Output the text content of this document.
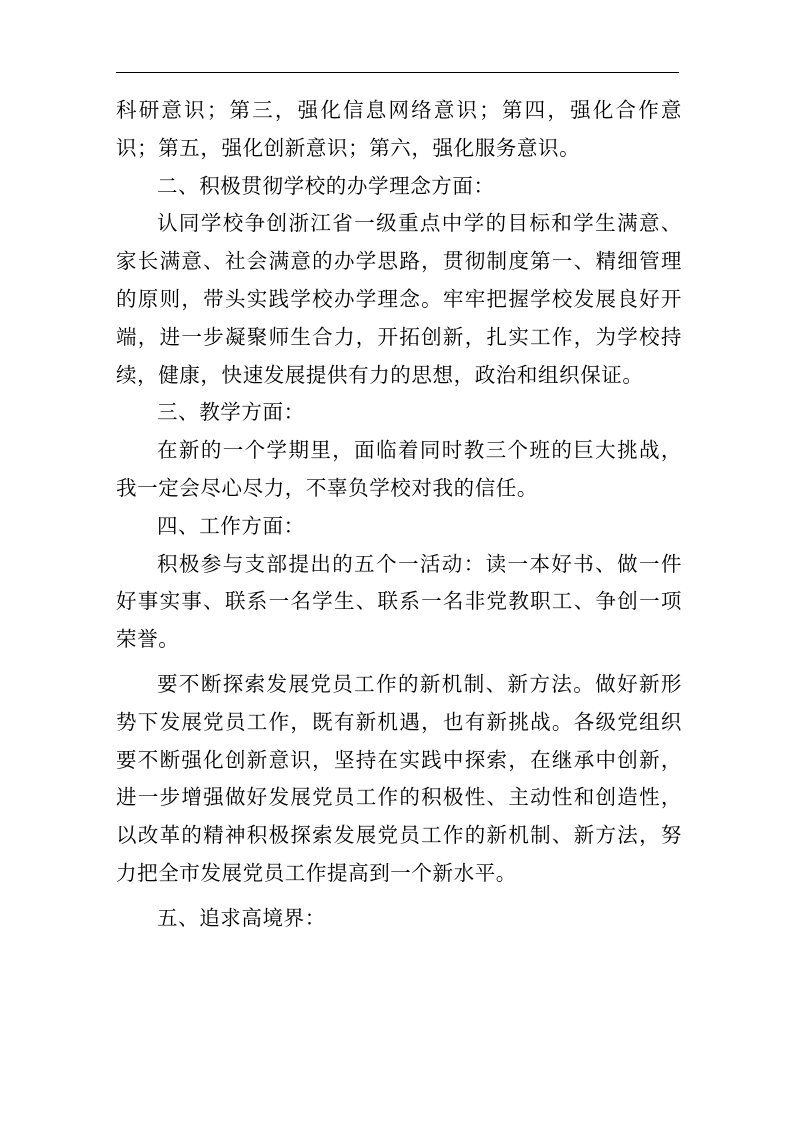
科研意识；第三，强化信息网络意识；第四，强化合作意识；第五，强化创新意识；第六，强化服务意识。

二、积极贯彻学校的办学理念方面：

认同学校争创浙江省一级重点中学的目标和学生满意、家长满意、社会满意的办学思路，贯彻制度第一、精细管理的原则，带头实践学校办学理念。牢牢把握学校发展良好开端，进一步凝聚师生合力，开拓创新，扎实工作，为学校持续，健康，快速发展提供有力的思想，政治和组织保证。

三、教学方面：

在新的一个学期里，面临着同时教三个班的巨大挑战，我一定会尽心尽力，不辜负学校对我的信任。

四、工作方面：

积极参与支部提出的五个一活动：读一本好书、做一件好事实事、联系一名学生、联系一名非党教职工、争创一项荣誉。

要不断探索发展党员工作的新机制、新方法。做好新形势下发展党员工作，既有新机遇，也有新挑战。各级党组织要不断强化创新意识，坚持在实践中探索，在继承中创新，进一步增强做好发展党员工作的积极性、主动性和创造性，以改革的精神积极探索发展党员工作的新机制、新方法，努力把全市发展党员工作提高到一个新水平。

五、追求高境界：
